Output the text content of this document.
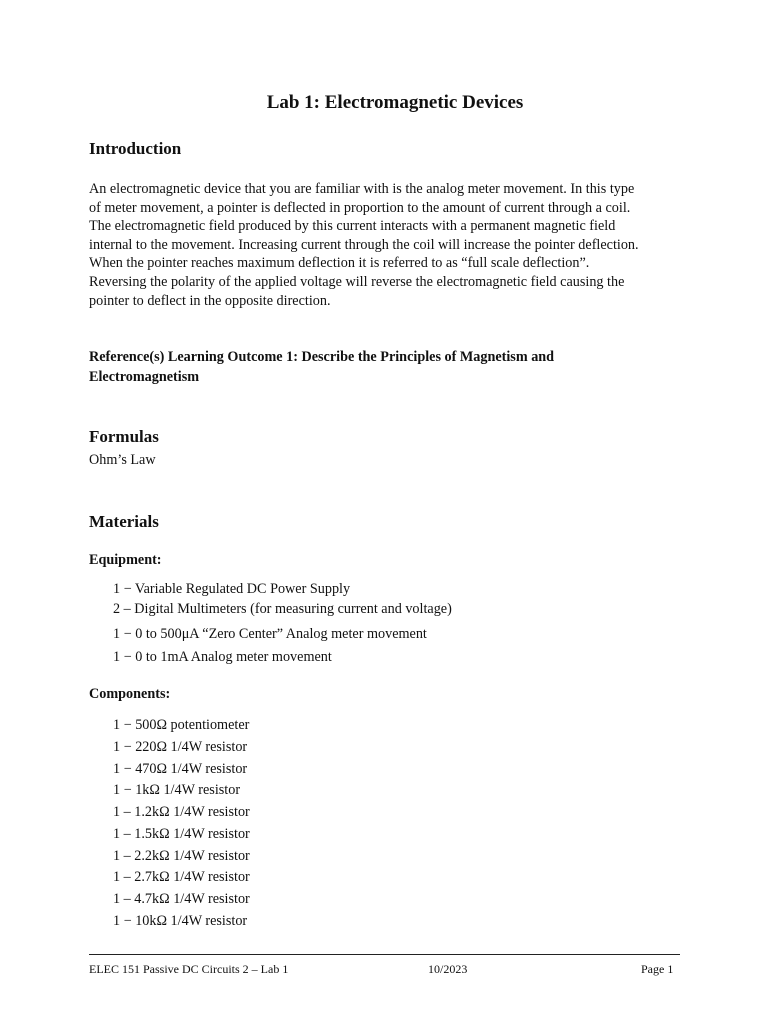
Lab 1: Electromagnetic Devices
Introduction

An electromagnetic device that you are familiar with is the analog meter movement. In this type
of meter movement, a pointer is deflected in proportion to the amount of current through a coil.
The electromagnetic field produced by this current interacts with a permanent magnetic field
internal to the movement. Increasing current through the coil will increase the pointer deflection.
When the pointer reaches maximum deflection it is referred to as “full scale deflection”.
Reversing the polarity of the applied voltage will reverse the electromagnetic field causing the
pointer to deflect in the opposite direction.

Reference(s) Learning Outcome 1: Describe the Principles of Magnetism and
Electromagnetism

Formulas

Ohm’s Law

Materials

Equipment:

1 − Variable Regulated DC Power Supply

2 – Digital Multimeters (for measuring current and voltage)

1 − 0 to 500μA “Zero Center” Analog meter movement

1 − 0 to 1mA Analog meter movement

Components:

1 − 500Ω potentiometer

1 − 220Ω 1/4W resistor

1 − 470Ω 1/4W resistor

1 − 1kΩ 1/4W resistor

1 – 1.2kΩ 1/4W resistor

1 – 1.5kΩ 1/4W resistor

1 – 2.2kΩ 1/4W resistor

1 – 2.7kΩ 1/4W resistor

1 – 4.7kΩ 1/4W resistor

1 − 10kΩ 1/4W resistor

ELEC 151 Passive DC Circuits 2 – Lab 1	10/2023	Page 1
